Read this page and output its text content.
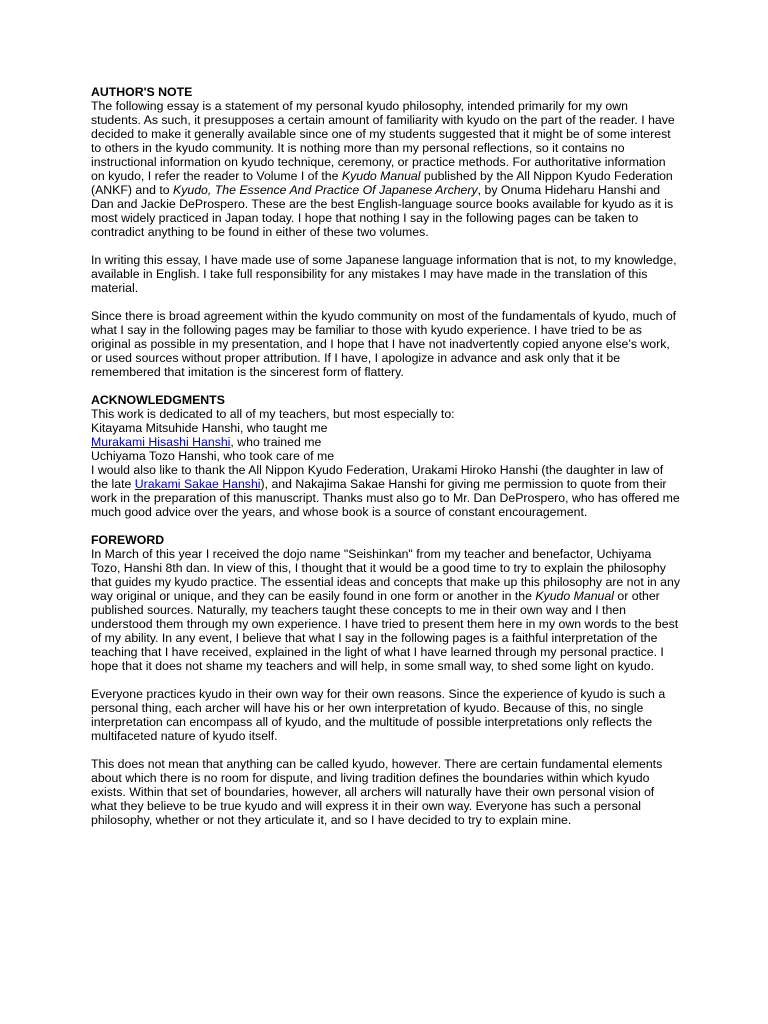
AUTHOR'S NOTE

The following essay is a statement of my personal kyudo philosophy, intended primarily for my own students. As such, it presupposes a certain amount of familiarity with kyudo on the part of the reader. I have decided to make it generally available since one of my students suggested that it might be of some interest to others in the kyudo community. It is nothing more than my personal reflections, so it contains no instructional information on kyudo technique, ceremony, or practice methods. For authoritative information on kyudo, I refer the reader to Volume I of the Kyudo Manual published by the All Nippon Kyudo Federation (ANKF) and to Kyudo, The Essence And Practice Of Japanese Archery, by Onuma Hideharu Hanshi and Dan and Jackie DeProspero. These are the best English-language source books available for kyudo as it is most widely practiced in Japan today. I hope that nothing I say in the following pages can be taken to contradict anything to be found in either of these two volumes.

In writing this essay, I have made use of some Japanese language information that is not, to my knowledge, available in English. I take full responsibility for any mistakes I may have made in the translation of this material.

Since there is broad agreement within the kyudo community on most of the fundamentals of kyudo, much of what I say in the following pages may be familiar to those with kyudo experience. I have tried to be as original as possible in my presentation, and I hope that I have not inadvertently copied anyone else’s work, or used sources without proper attribution. If I have, I apologize in advance and ask only that it be remembered that imitation is the sincerest form of flattery.

ACKNOWLEDGMENTS
This work is dedicated to all of my teachers, but most especially to:
Kitayama Mitsuhide Hanshi, who taught me
Murakami Hisashi Hanshi, who trained me
Uchiyama Tozo Hanshi, who took care of me

I would also like to thank the All Nippon Kyudo Federation, Urakami Hiroko Hanshi (the daughter in law of the late Urakami Sakae Hanshi), and Nakajima Sakae Hanshi for giving me permission to quote from their work in the preparation of this manuscript. Thanks must also go to Mr. Dan DeProspero, who has offered me much good advice over the years, and whose book is a source of constant encouragement.

FOREWORD

In March of this year I received the dojo name "Seishinkan" from my teacher and benefactor, Uchiyama Tozo, Hanshi 8th dan. In view of this, I thought that it would be a good time to try to explain the philosophy that guides my kyudo practice. The essential ideas and concepts that make up this philosophy are not in any way original or unique, and they can be easily found in one form or another in the Kyudo Manual or other published sources. Naturally, my teachers taught these concepts to me in their own way and I then understood them through my own experience. I have tried to present them here in my own words to the best of my ability. In any event, I believe that what I say in the following pages is a faithful interpretation of the teaching that I have received, explained in the light of what I have learned through my personal practice. I hope that it does not shame my teachers and will help, in some small way, to shed some light on kyudo.

Everyone practices kyudo in their own way for their own reasons. Since the experience of kyudo is such a personal thing, each archer will have his or her own interpretation of kyudo. Because of this, no single interpretation can encompass all of kyudo, and the multitude of possible interpretations only reflects the multifaceted nature of kyudo itself.

This does not mean that anything can be called kyudo, however. There are certain fundamental elements about which there is no room for dispute, and living tradition defines the boundaries within which kyudo exists. Within that set of boundaries, however, all archers will naturally have their own personal vision of what they believe to be true kyudo and will express it in their own way. Everyone has such a personal philosophy, whether or not they articulate it, and so I have decided to try to explain mine.
